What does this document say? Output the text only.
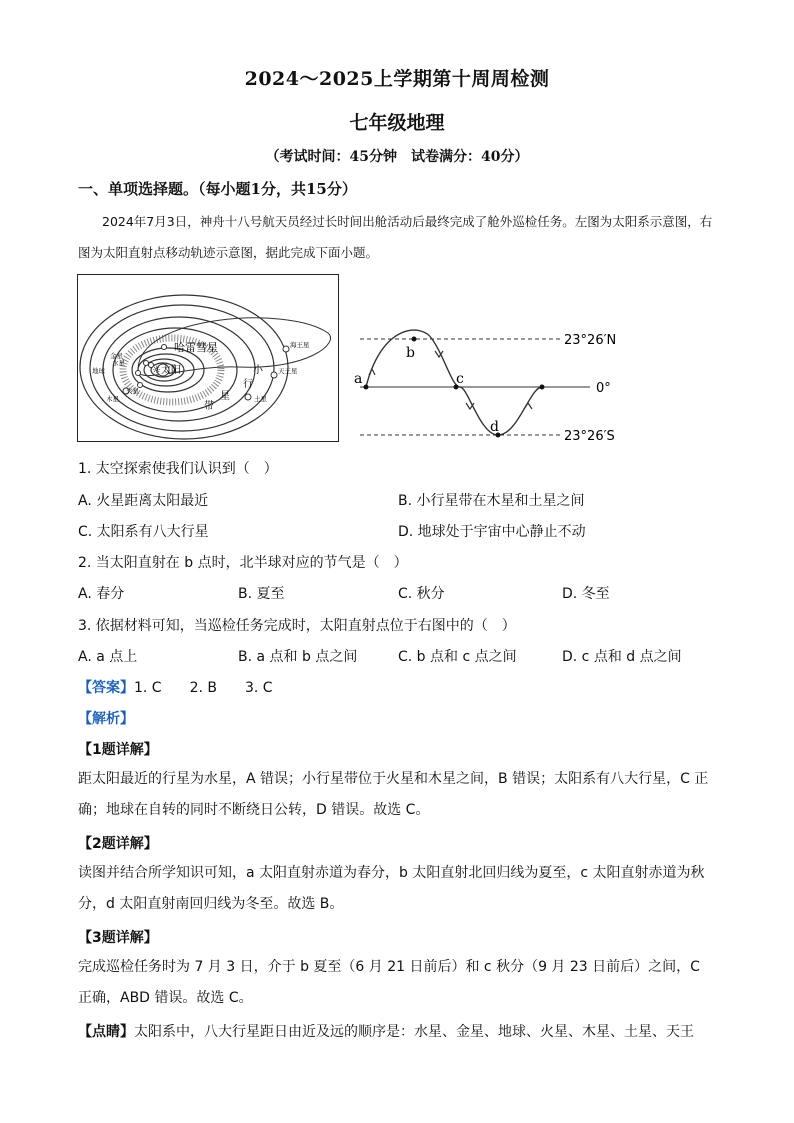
2024～2025上学期第十周周检测
七年级地理
（考试时间：45分钟　试卷满分：40分）
一、单项选择题。（每小题1分，共15分）
2024年7月3日，神舟十八号航天员经过长时间出舱活动后最终完成了舱外巡检任务。左图为太阳系示意图，右图为太阳直射点移动轨迹示意图，据此完成下面小题。
哈雷彗星
☼太阳	小
行
星
带
水星
金星
地球
火星
木星	土星
天王星
海王星
a
b
c
d
23°26′N
0°
23°26′S
1. 太空探索使我们认识到（　）
A. 火星距离太阳最近	B. 小行星带在木星和土星之间
C. 太阳系有八大行星	D. 地球处于宇宙中心静止不动
2. 当太阳直射在 b 点时，北半球对应的节气是（　）
A. 春分	B. 夏至	C. 秋分	D. 冬至
3. 依据材料可知，当巡检任务完成时，太阳直射点位于右图中的（　）
A. a 点上	B. a 点和 b 点之间	C. b 点和 c 点之间	D. c 点和 d 点之间
【答案】1. C　　2. B　　3. C
【解析】
【1题详解】
距太阳最近的行星为水星，A 错误；小行星带位于火星和木星之间，B 错误；太阳系有八大行星，C 正确；地球在自转的同时不断绕日公转，D 错误。故选 C。
【2题详解】
读图并结合所学知识可知，a 太阳直射赤道为春分，b 太阳直射北回归线为夏至，c 太阳直射赤道为秋分，d 太阳直射南回归线为冬至。故选 B。
【3题详解】
完成巡检任务时为 7 月 3 日，介于 b 夏至（6 月 21 日前后）和 c 秋分（9 月 23 日前后）之间，C 正确，ABD 错误。故选 C。
【点睛】太阳系中，八大行星距日由近及远的顺序是：水星、金星、地球、火星、木星、土星、天王
